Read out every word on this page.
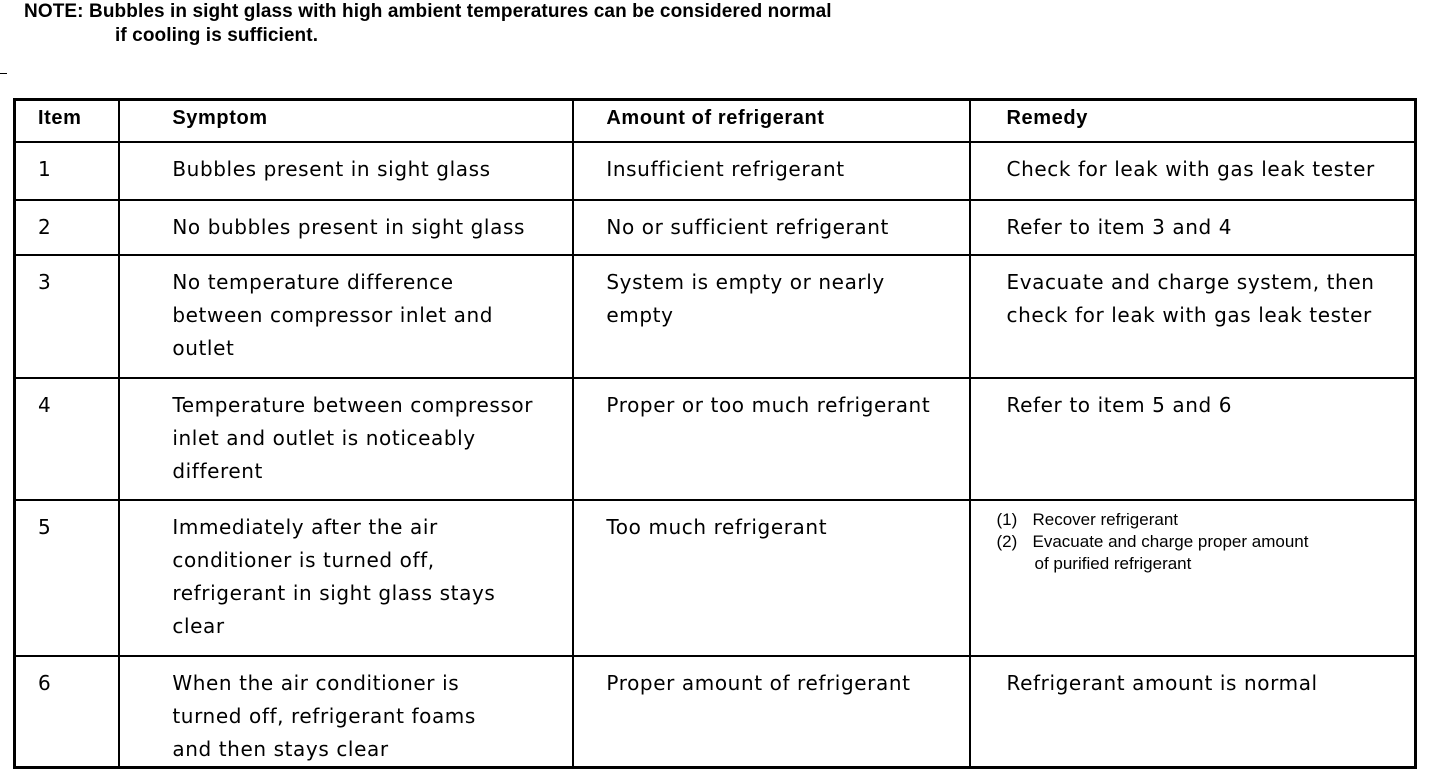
NOTE: Bubbles in sight glass with high ambient temperatures can be considered normal
if cooling is sufficient.
Item	Symptom	Amount of refrigerant	Remedy
1	Bubbles present in sight glass	Insufficient refrigerant	Check for leak with gas leak tester

2	No bubbles present in sight glass	No or sufficient refrigerant	Refer to item 3 and 4

3	No temperature difference
between compressor inlet and
outlet	System is empty or nearly
empty	Evacuate and charge system, then
check for leak with gas leak tester

4	Temperature between compressor
inlet and outlet is noticeably
different	Proper or too much refrigerant	Refer to item 5 and 6

5	Immediately after the air
conditioner is turned off,
refrigerant in sight glass stays
clear	Too much refrigerant	(1) Recover refrigerant
(2) Evacuate and charge proper amount
of purified refrigerant

6	When the air conditioner is
turned off, refrigerant foams
and then stays clear	Proper amount of refrigerant	Refrigerant amount is normal
